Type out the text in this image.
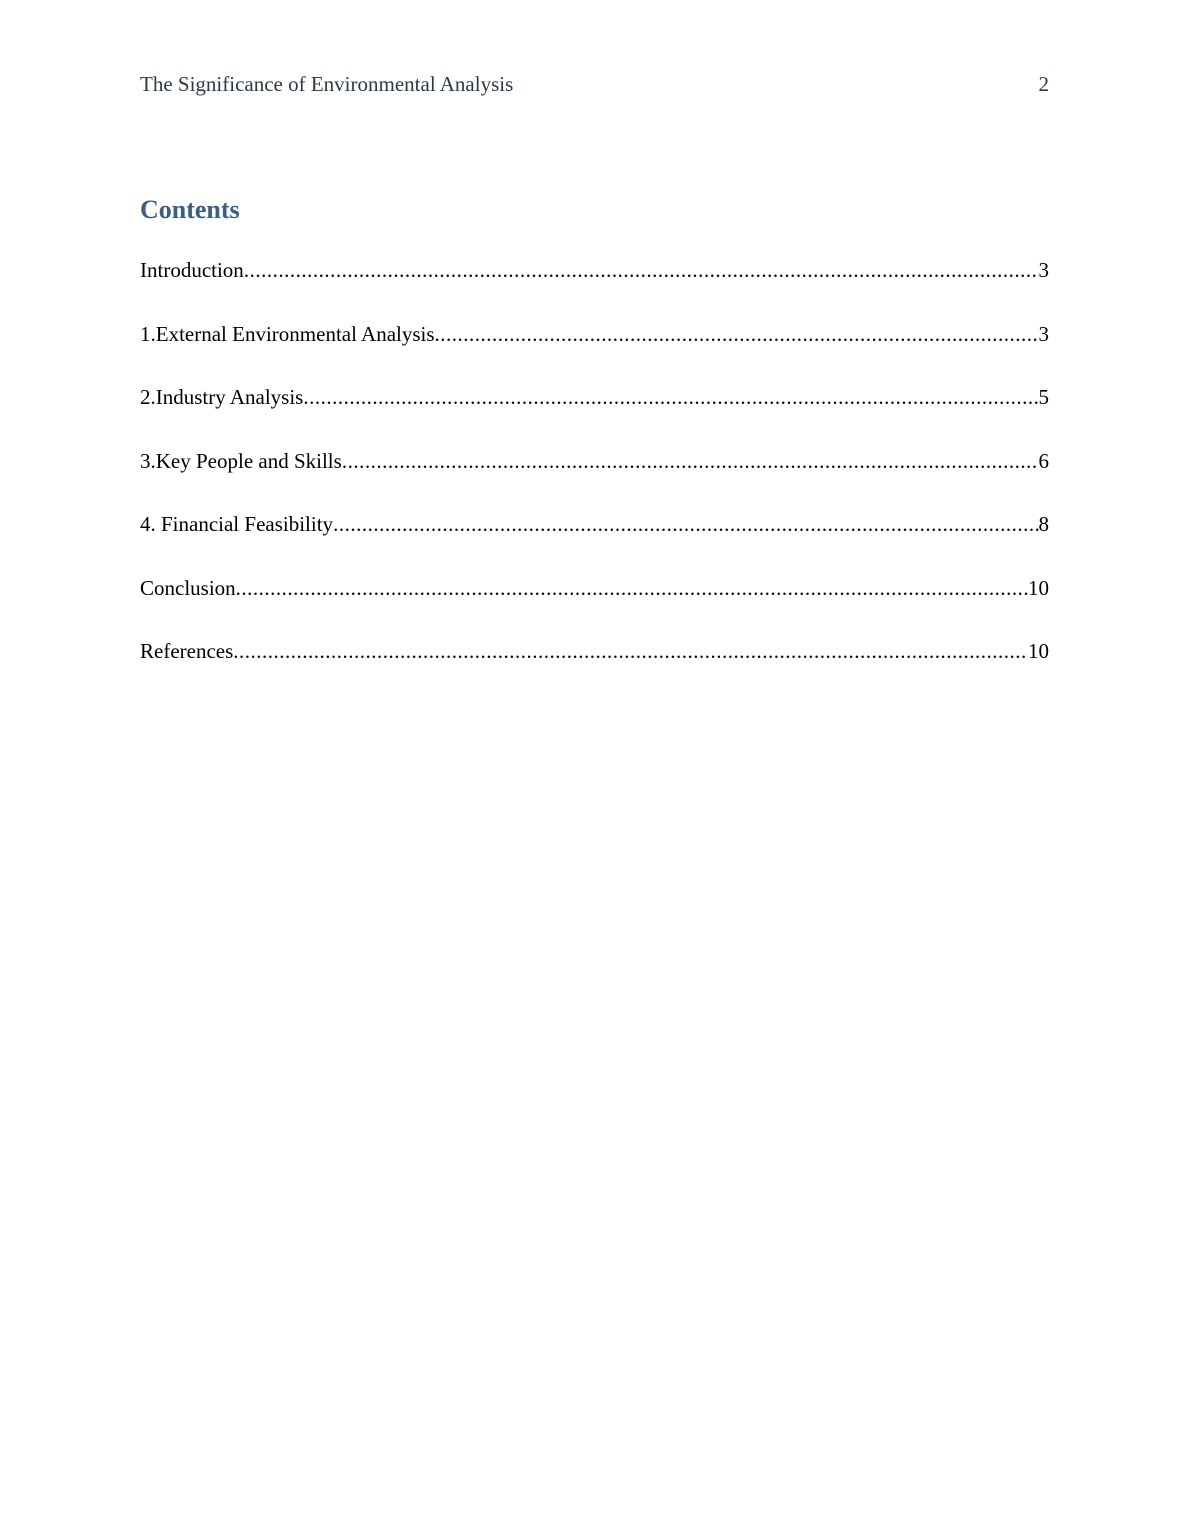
The Significance of Environmental Analysis	2
Contents
Introduction .....	3
1.External Environmental Analysis .....	3
2.Industry Analysis .....	5
3.Key People and Skills .....	6
4. Financial Feasibility .....	8
Conclusion .....	10
References .....	10
